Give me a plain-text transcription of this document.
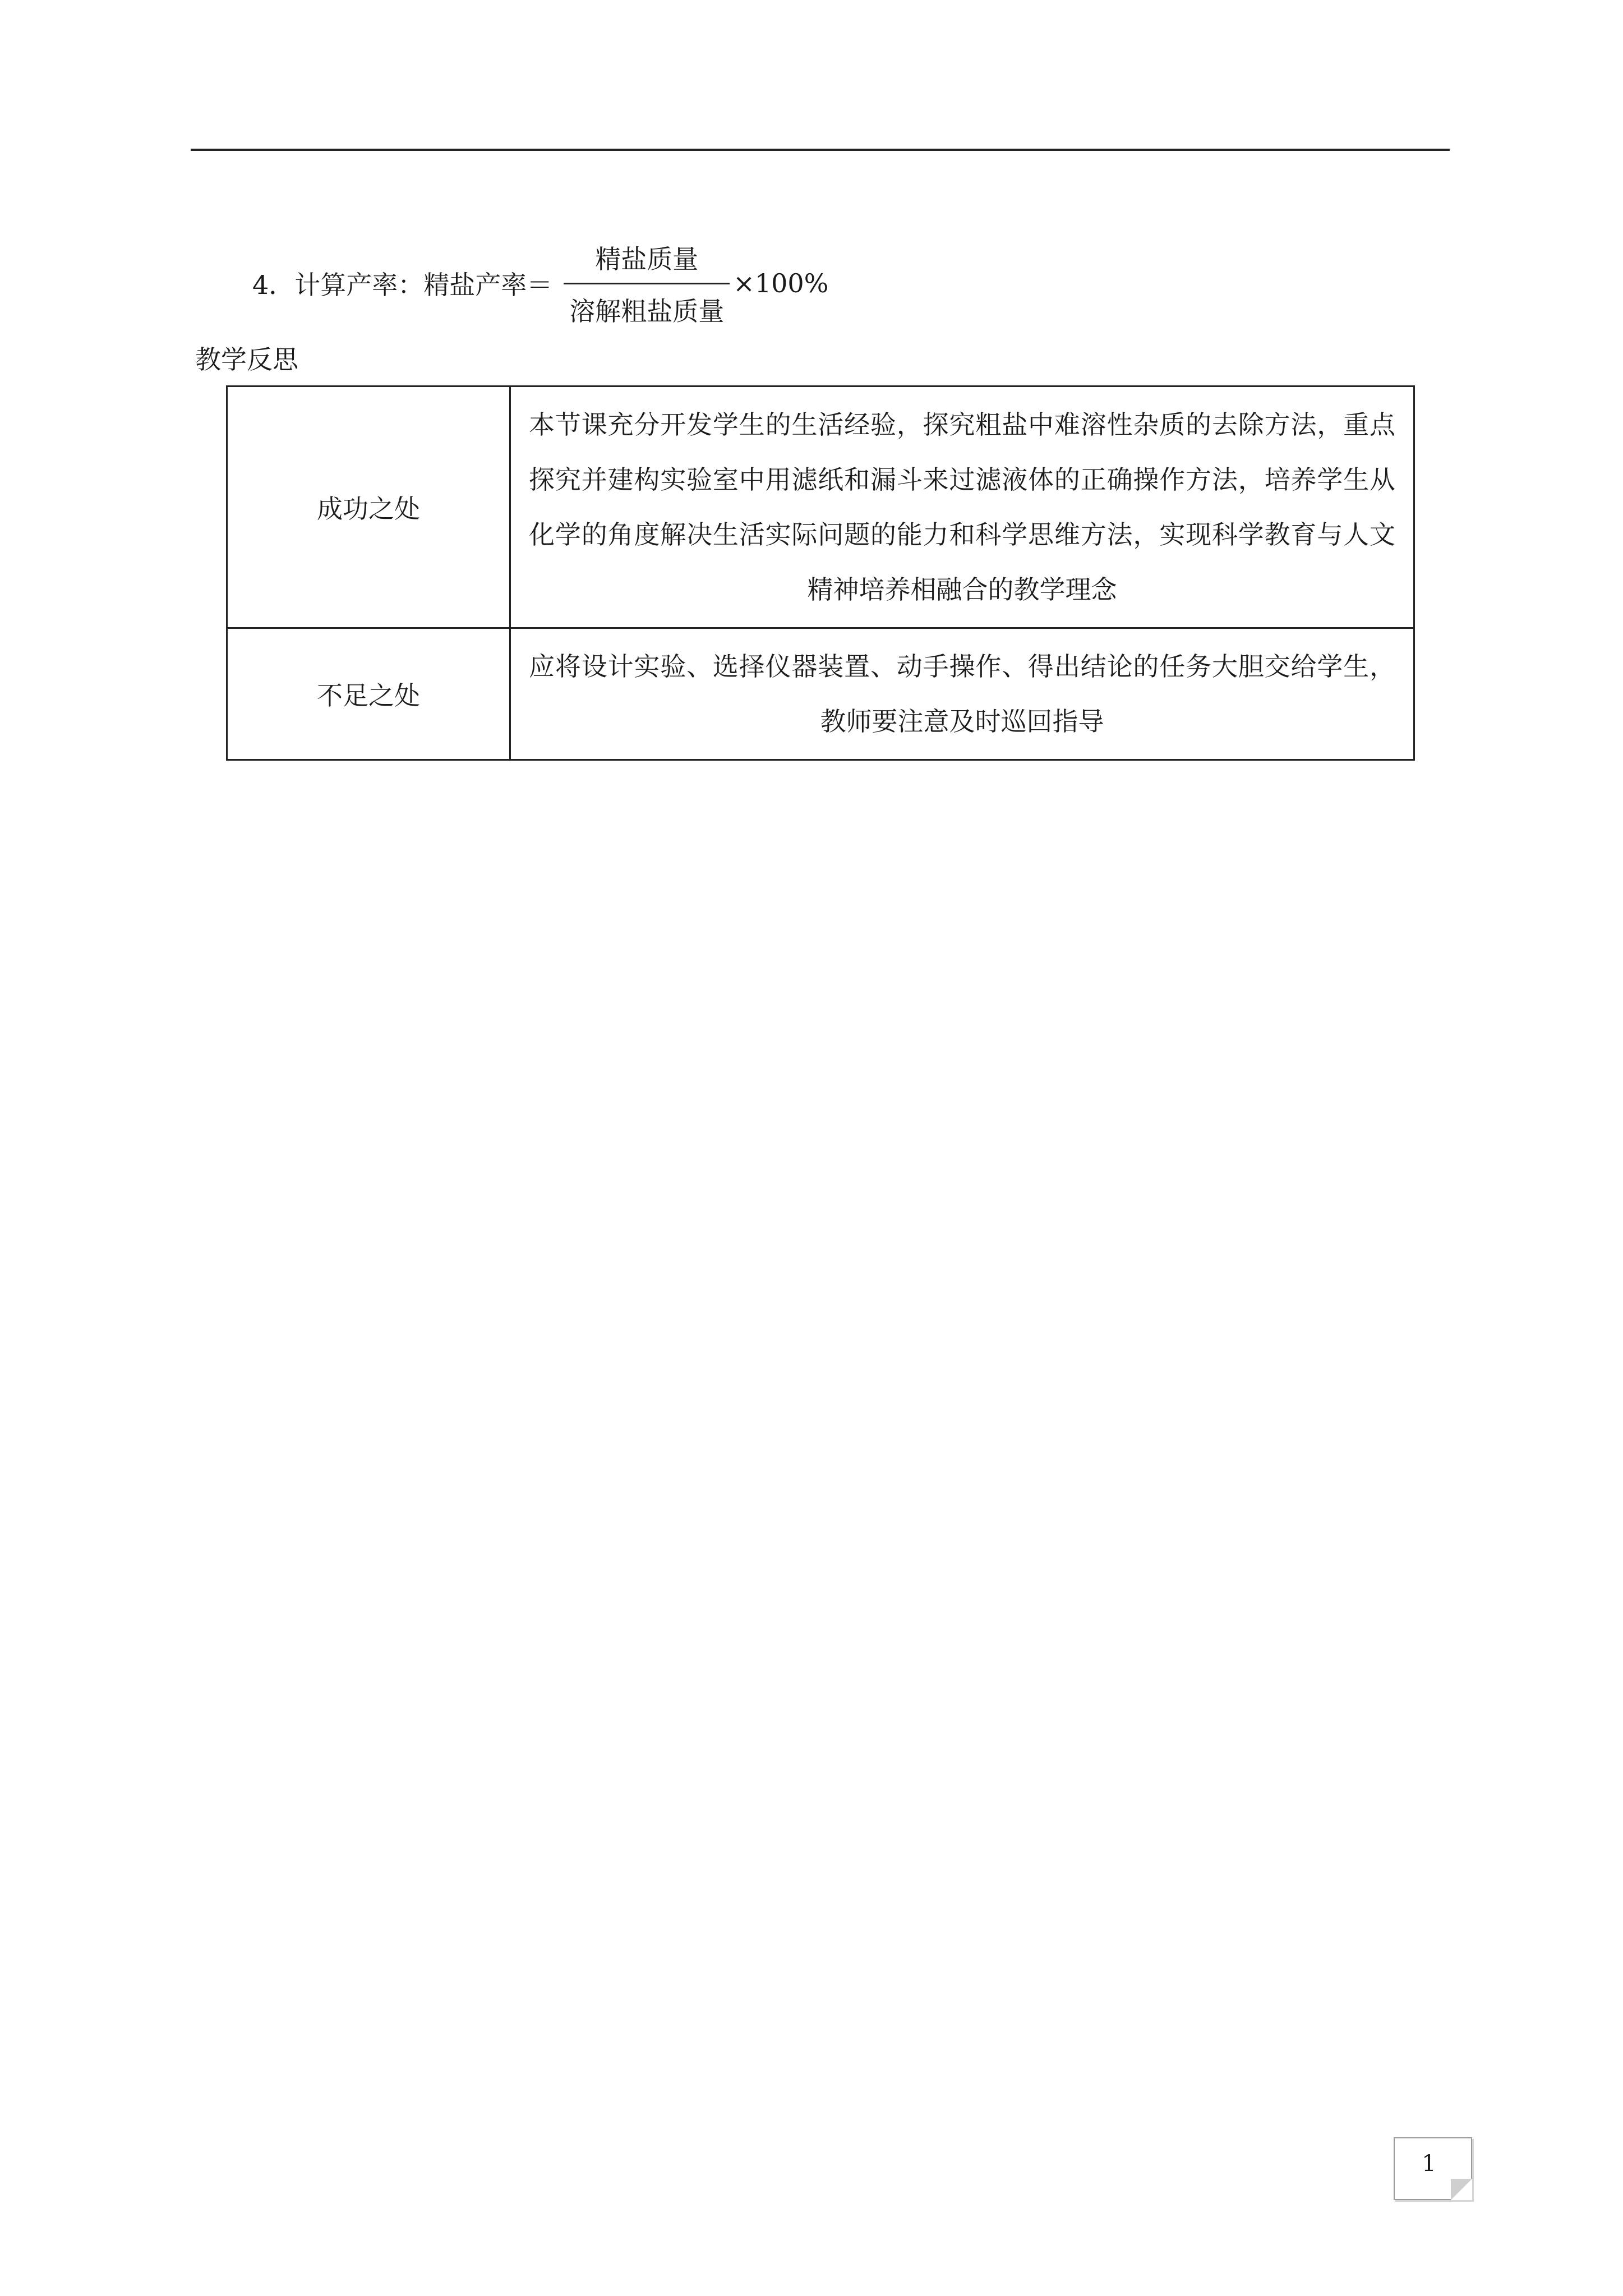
4．计算产率：精盐产率＝ $\frac{\text{精盐质量}}{\text{溶解粗盐质量}} \times 100\%$
教学反思
成功之处	本节课充分开发学生的生活经验，探究粗盐中难溶性杂质的去除方法，重点探究并建构实验室中用滤纸和漏斗来过滤液体的正确操作方法，培养学生从化学的角度解决生活实际问题的能力和科学思维方法，实现科学教育与人文精神培养相融合的教学理念
不足之处	应将设计实验、选择仪器装置、动手操作、得出结论的任务大胆交给学生，教师要注意及时巡回指导
1
